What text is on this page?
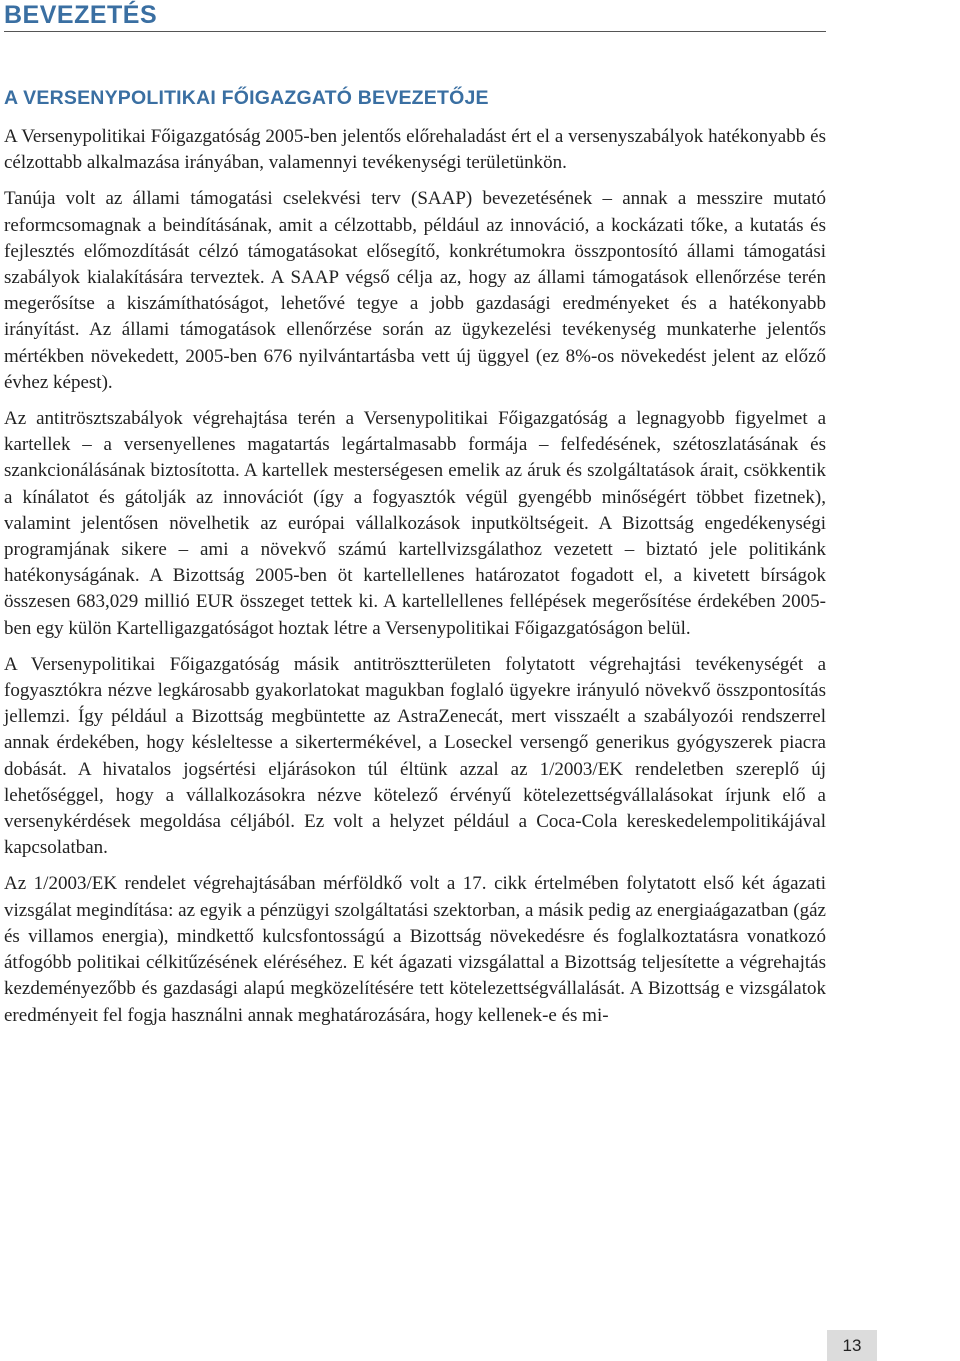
BEVEZETÉS
A VERSENYPOLITIKAI FŐIGAZGATÓ BEVEZETŐJE

A Versenypolitikai Főigazgatóság 2005-ben jelentős előrehaladást ért el a versenyszabályok hatékonyabb és célzottabb alkalmazása irányában, valamennyi tevékenységi területünkön.

Tanúja volt az állami támogatási cselekvési terv (SAAP) bevezetésének – annak a messzire mutató reformcsomagnak a beindításának, amit a célzottabb, például az innováció, a kockázati tőke, a kutatás és fejlesztés előmozdítását célzó támogatásokat elősegítő, konkrétumokra összpontosító állami támogatási szabályok kialakítására terveztek. A SAAP végső célja az, hogy az állami támogatások ellenőrzése terén megerősítse a kiszámíthatóságot, lehetővé tegye a jobb gazdasági eredményeket és a hatékonyabb irányítást. Az állami támogatások ellenőrzése során az ügykezelési tevékenység munkaterhe jelentős mértékben növekedett, 2005-ben 676 nyilvántartásba vett új üggyel (ez 8%-os növekedést jelent az előző évhez képest).

Az antitrösztszabályok végrehajtása terén a Versenypolitikai Főigazgatóság a legnagyobb figyelmet a kartellek – a versenyellenes magatartás legártalmasabb formája – felfedésének, szétoszlatásának és szankcionálásának biztosította. A kartellek mesterségesen emelik az áruk és szolgáltatások árait, csökkentik a kínálatot és gátolják az innovációt (így a fogyasztók végül gyengébb minőségért többet fizetnek), valamint jelentősen növelhetik az európai vállalkozások inputköltségeit. A Bizottság engedékenységi programjának sikere – ami a növekvő számú kartellvizsgálathoz vezetett – biztató jele politikánk hatékonyságának. A Bizottság 2005-ben öt kartellellenes határozatot fogadott el, a kivetett bírságok összesen 683,029 millió EUR összeget tettek ki. A kartellellenes fellépések megerősítése érdekében 2005-ben egy külön Kartelligazgatóságot hoztak létre a Versenypolitikai Főigazgatóságon belül.

A Versenypolitikai Főigazgatóság másik antitrösztterületen folytatott végrehajtási tevékenységét a fogyasztókra nézve legkárosabb gyakorlatokat magukban foglaló ügyekre irányuló növekvő összpontosítás jellemzi. Így például a Bizottság megbüntette az AstraZenecát, mert visszaélt a szabályozói rendszerrel annak érdekében, hogy késleltesse a sikertermékével, a Loseckel versengő generikus gyógyszerek piacra dobását. A hivatalos jogsértési eljárásokon túl éltünk azzal az 1/2003/EK rendeletben szereplő új lehetőséggel, hogy a vállalkozásokra nézve kötelező érvényű kötelezettségvállalásokat írjunk elő a versenykérdések megoldása céljából. Ez volt a helyzet például a Coca-Cola kereskedelempolitikájával kapcsolatban.

Az 1/2003/EK rendelet végrehajtásában mérföldkő volt a 17. cikk értelmében folytatott első két ágazati vizsgálat megindítása: az egyik a pénzügyi szolgáltatási szektorban, a másik pedig az energiaágazatban (gáz és villamos energia), mindkettő kulcsfontosságú a Bizottság növekedésre és foglalkoztatásra vonatkozó átfogóbb politikai célkitűzésének eléréséhez. E két ágazati vizsgálattal a Bizottság teljesítette a végrehajtás kezdeményezőbb és gazdasági alapú megközelítésére tett kötelezettségvállalását. A Bizottság e vizsgálatok eredményeit fel fogja használni annak meghatározására, hogy kellenek-e és mi-

13
